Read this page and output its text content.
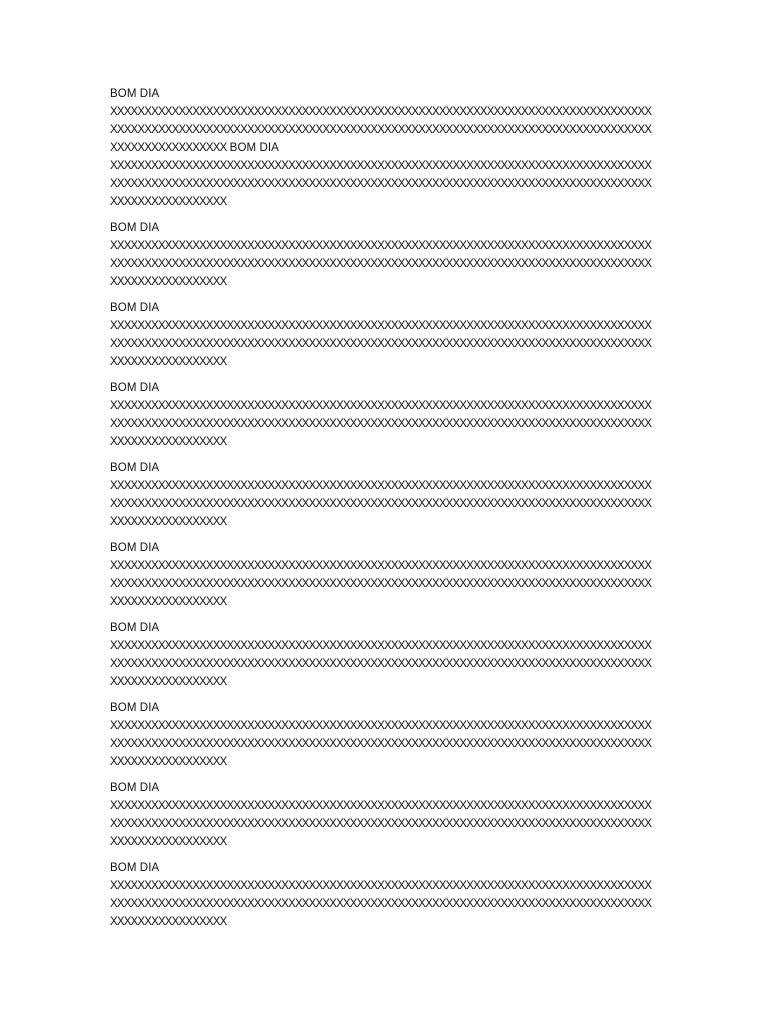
BOM DIA
XXXXXXXXXXXXXXXXXXXXXXXXXXXXXXXXXXXXXXXXXXXXXXXXXXXXXXXXXXXXXXXXXXXXXXXXXXXXXXX
XXXXXXXXXXXXXXXXXXXXXXXXXXXXXXXXXXXXXXXXXXXXXXXXXXXXXXXXXXXXXXXXXXXXXXXXXXXXXXX
XXXXXXXXXXXXXXXXX BOM DIA
XXXXXXXXXXXXXXXXXXXXXXXXXXXXXXXXXXXXXXXXXXXXXXXXXXXXXXXXXXXXXXXXXXXXXXXXXXXXXXX
XXXXXXXXXXXXXXXXXXXXXXXXXXXXXXXXXXXXXXXXXXXXXXXXXXXXXXXXXXXXXXXXXXXXXXXXXXXXXXX
XXXXXXXXXXXXXXXXX
BOM DIA
XXXXXXXXXXXXXXXXXXXXXXXXXXXXXXXXXXXXXXXXXXXXXXXXXXXXXXXXXXXXXXXXXXXXXXXXXXXXXXX
XXXXXXXXXXXXXXXXXXXXXXXXXXXXXXXXXXXXXXXXXXXXXXXXXXXXXXXXXXXXXXXXXXXXXXXXXXXXXXX
XXXXXXXXXXXXXXXXX
BOM DIA
XXXXXXXXXXXXXXXXXXXXXXXXXXXXXXXXXXXXXXXXXXXXXXXXXXXXXXXXXXXXXXXXXXXXXXXXXXXXXXX
XXXXXXXXXXXXXXXXXXXXXXXXXXXXXXXXXXXXXXXXXXXXXXXXXXXXXXXXXXXXXXXXXXXXXXXXXXXXXXX
XXXXXXXXXXXXXXXXX
BOM DIA
XXXXXXXXXXXXXXXXXXXXXXXXXXXXXXXXXXXXXXXXXXXXXXXXXXXXXXXXXXXXXXXXXXXXXXXXXXXXXXX
XXXXXXXXXXXXXXXXXXXXXXXXXXXXXXXXXXXXXXXXXXXXXXXXXXXXXXXXXXXXXXXXXXXXXXXXXXXXXXX
XXXXXXXXXXXXXXXXX
BOM DIA
XXXXXXXXXXXXXXXXXXXXXXXXXXXXXXXXXXXXXXXXXXXXXXXXXXXXXXXXXXXXXXXXXXXXXXXXXXXXXXX
XXXXXXXXXXXXXXXXXXXXXXXXXXXXXXXXXXXXXXXXXXXXXXXXXXXXXXXXXXXXXXXXXXXXXXXXXXXXXXX
XXXXXXXXXXXXXXXXX
BOM DIA
XXXXXXXXXXXXXXXXXXXXXXXXXXXXXXXXXXXXXXXXXXXXXXXXXXXXXXXXXXXXXXXXXXXXXXXXXXXXXXX
XXXXXXXXXXXXXXXXXXXXXXXXXXXXXXXXXXXXXXXXXXXXXXXXXXXXXXXXXXXXXXXXXXXXXXXXXXXXXXX
XXXXXXXXXXXXXXXXX
BOM DIA
XXXXXXXXXXXXXXXXXXXXXXXXXXXXXXXXXXXXXXXXXXXXXXXXXXXXXXXXXXXXXXXXXXXXXXXXXXXXXXX
XXXXXXXXXXXXXXXXXXXXXXXXXXXXXXXXXXXXXXXXXXXXXXXXXXXXXXXXXXXXXXXXXXXXXXXXXXXXXXX
XXXXXXXXXXXXXXXXX
BOM DIA
XXXXXXXXXXXXXXXXXXXXXXXXXXXXXXXXXXXXXXXXXXXXXXXXXXXXXXXXXXXXXXXXXXXXXXXXXXXXXXX
XXXXXXXXXXXXXXXXXXXXXXXXXXXXXXXXXXXXXXXXXXXXXXXXXXXXXXXXXXXXXXXXXXXXXXXXXXXXXXX
XXXXXXXXXXXXXXXXX
BOM DIA
XXXXXXXXXXXXXXXXXXXXXXXXXXXXXXXXXXXXXXXXXXXXXXXXXXXXXXXXXXXXXXXXXXXXXXXXXXXXXXX
XXXXXXXXXXXXXXXXXXXXXXXXXXXXXXXXXXXXXXXXXXXXXXXXXXXXXXXXXXXXXXXXXXXXXXXXXXXXXXX
XXXXXXXXXXXXXXXXX
BOM DIA
XXXXXXXXXXXXXXXXXXXXXXXXXXXXXXXXXXXXXXXXXXXXXXXXXXXXXXXXXXXXXXXXXXXXXXXXXXXXXXX
XXXXXXXXXXXXXXXXXXXXXXXXXXXXXXXXXXXXXXXXXXXXXXXXXXXXXXXXXXXXXXXXXXXXXXXXXXXXXXX
XXXXXXXXXXXXXXXXX
